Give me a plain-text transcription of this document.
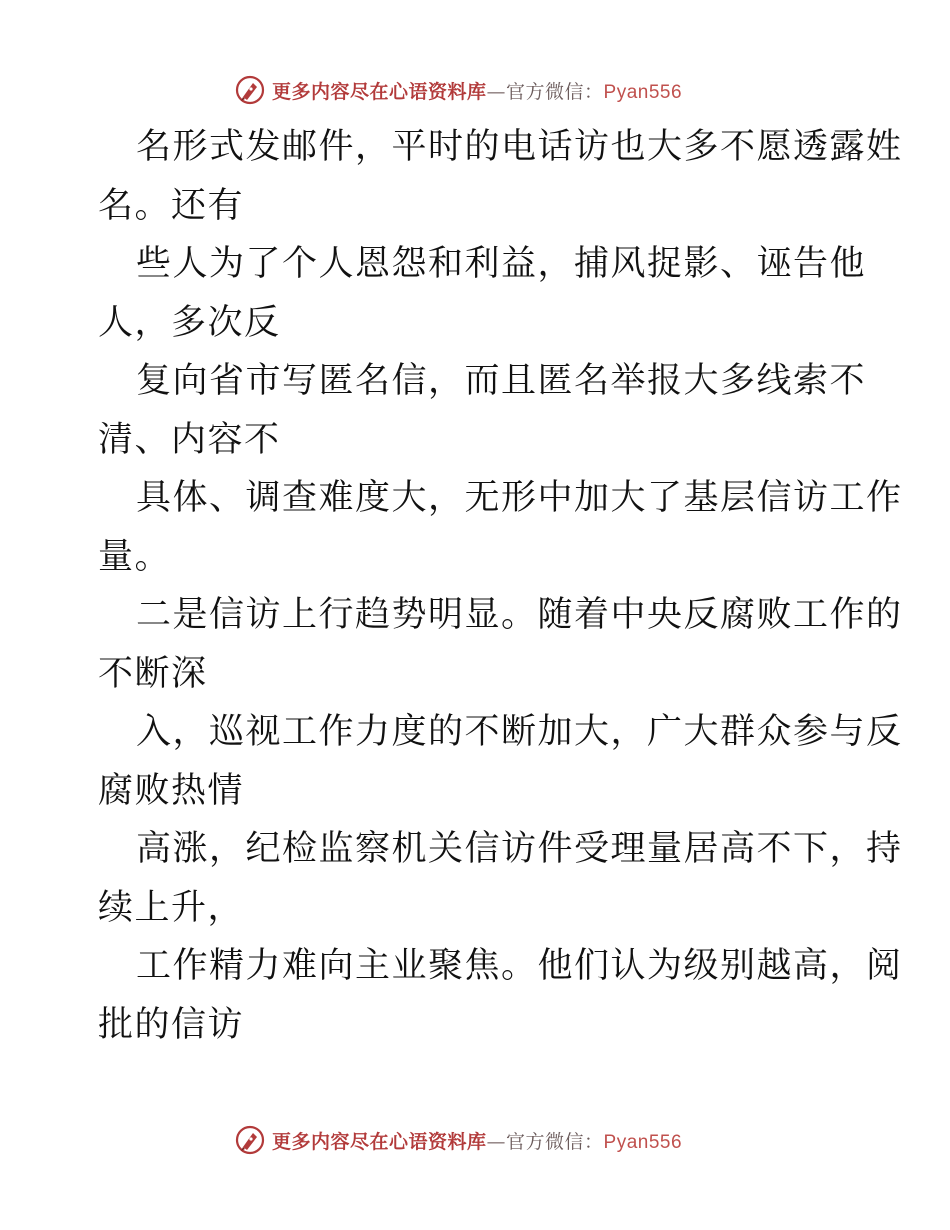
更多内容尽在心语资料库—官方微信：Pyan556
名形式发邮件，平时的电话访也大多不愿透露姓
名。还有
些人为了个人恩怨和利益，捕风捉影、诬告他
人，多次反
复向省市写匿名信，而且匿名举报大多线索不
清、内容不
具体、调查难度大，无形中加大了基层信访工作
量。
二是信访上行趋势明显。随着中央反腐败工作的
不断深
入，巡视工作力度的不断加大，广大群众参与反
腐败热情
高涨，纪检监察机关信访件受理量居高不下，持
续上升，
工作精力难向主业聚焦。他们认为级别越高，阅
批的信访
更多内容尽在心语资料库—官方微信：Pyan556
